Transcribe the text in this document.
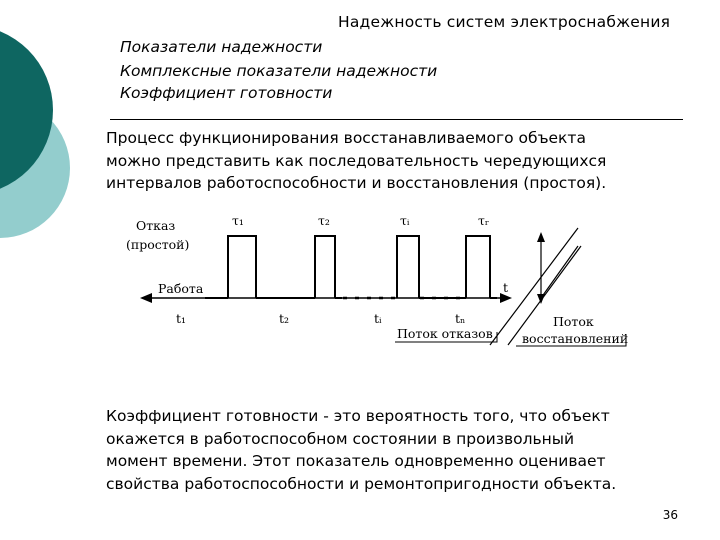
Надежность систем электроснабжения
Показатели надежности
Комплексные показатели надежности
Коэффициент готовности
Процесс функционирования восстанавливаемого объекта
можно представить как последовательность чередующихся
интервалов работоспособности и восстановления (простоя).
Отказ
(простой)
Работа	t
τ₁	τ₂	τᵢ	τᵣ
t₁	t₂	tᵢ	tₙ
Поток отказов
Поток
восстановлений
Коэффициент готовности - это вероятность того, что объект
окажется в работоспособном состоянии в произвольный
момент времени. Этот показатель одновременно оценивает
свойства работоспособности и ремонтопригодности объекта.
36
